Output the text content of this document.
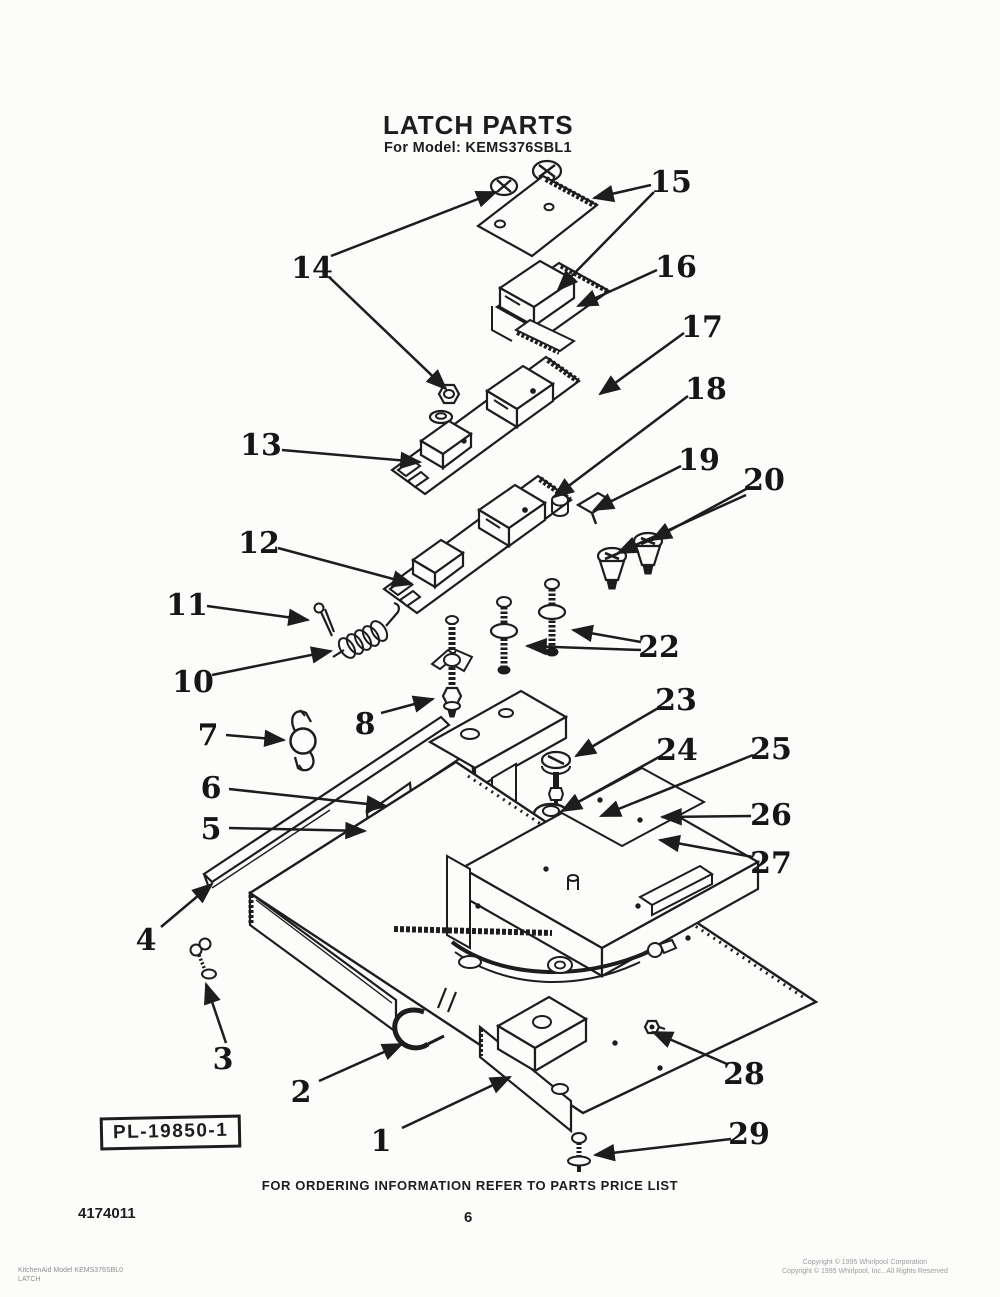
LATCH PARTS
For Model: KEMS376SBL1
1
2
3
4
5
6
7	8
10
11
12
13
14
15
16
17
18
19
20
22
23
24 25
26
27
28
29
FOR ORDERING INFORMATION REFER TO PARTS PRICE LIST
PL-19850-1
4174011	6
KitchenAid Model KEMS376SBL0
LATCH
Copyright © 1995 Whirlpool Corporation
Copyright © 1995 Whirlpool, Inc., All Rights Reserved
